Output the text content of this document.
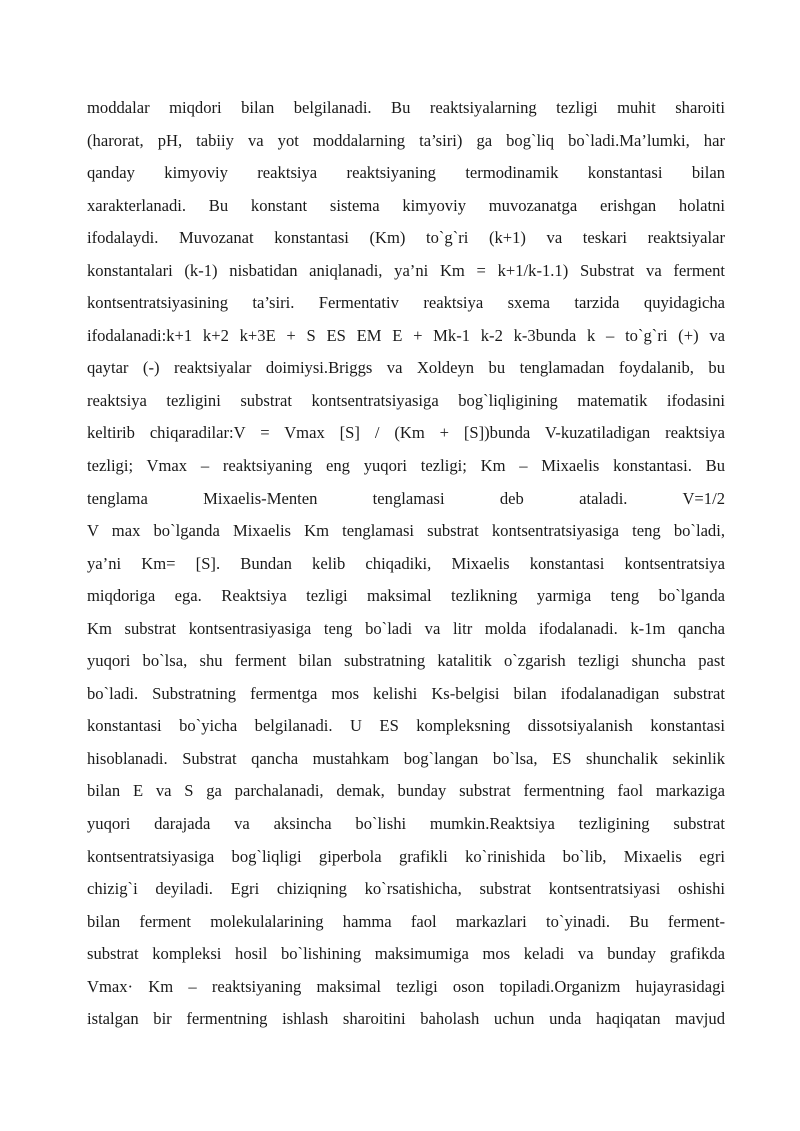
moddalar miqdori bilan belgilanadi. Bu reaktsiyalarning tezligi muhit sharoiti
(harorat, pH, tabiiy va yot moddalarning ta’siri) ga bog`liq bo`ladi.Ma’lumki, har
qanday kimyoviy reaktsiya reaktsiyaning termodinamik konstantasi bilan
xarakterlanadi. Bu konstant sistema kimyoviy muvozanatga erishgan holatni
ifodalaydi. Muvozanat konstantasi (Km) to`g`ri (k+1) va teskari reaktsiyalar
konstantalari (k-1) nisbatidan aniqlanadi, ya’ni Km = k+1/k-1.1) Substrat va ferment
kontsentratsiyasining ta’siri. Fermentativ reaktsiya sxema tarzida quyidagicha
ifodalanadi:k+1 k+2 k+3E + S ES EM E + Mk-1 k-2 k-3bunda k – to`g`ri (+) va
qaytar (-) reaktsiyalar doimiysi.Briggs va Xoldeyn bu tenglamadan foydalanib, bu
reaktsiya tezligini substrat kontsentratsiyasiga bog`liqligining matematik ifodasini
keltirib chiqaradilar:V = Vmax [S] / (Km + [S])bunda V-kuzatiladigan reaktsiya
tezligi; Vmax – reaktsiyaning eng yuqori tezligi; Km – Mixaelis konstantasi. Bu
tenglama Mixaelis-Menten tenglamasi deb ataladi. V=1/2
V max bo`lganda Mixaelis Km tenglamasi substrat kontsentratsiyasiga teng bo`ladi,
ya’ni Km= [S]. Bundan kelib chiqadiki, Mixaelis konstantasi kontsentratsiya
miqdoriga ega. Reaktsiya tezligi maksimal tezlikning yarmiga teng bo`lganda
Km substrat kontsentrasiyasiga teng bo`ladi va litr molda ifodalanadi. k-1m qancha
yuqori bo`lsa, shu ferment bilan substratning katalitik o`zgarish tezligi shuncha past
bo`ladi. Substratning fermentga mos kelishi Ks-belgisi bilan ifodalanadigan substrat
konstantasi bo`yicha belgilanadi. U ES kompleksning dissotsiyalanish konstantasi
hisoblanadi. Substrat qancha mustahkam bog`langan bo`lsa, ES shunchalik sekinlik
bilan E va S ga parchalanadi, demak, bunday substrat fermentning faol markaziga
yuqori darajada va aksincha bo`lishi mumkin.Reaktsiya tezligining substrat
kontsentratsiyasiga bog`liqligi giperbola grafikli ko`rinishida bo`lib, Mixaelis egri
chizig`i deyiladi. Egri chiziqning ko`rsatishicha, substrat kontsentratsiyasi oshishi
bilan ferment molekulalarining hamma faol markazlari to`yinadi. Bu ferment-
substrat kompleksi hosil bo`lishining maksimumiga mos keladi va bunday grafikda
Vmax· Km – reaktsiyaning maksimal tezligi oson topiladi.Organizm hujayrasidagi
istalgan bir fermentning ishlash sharoitini baholash uchun unda haqiqatan mavjud
